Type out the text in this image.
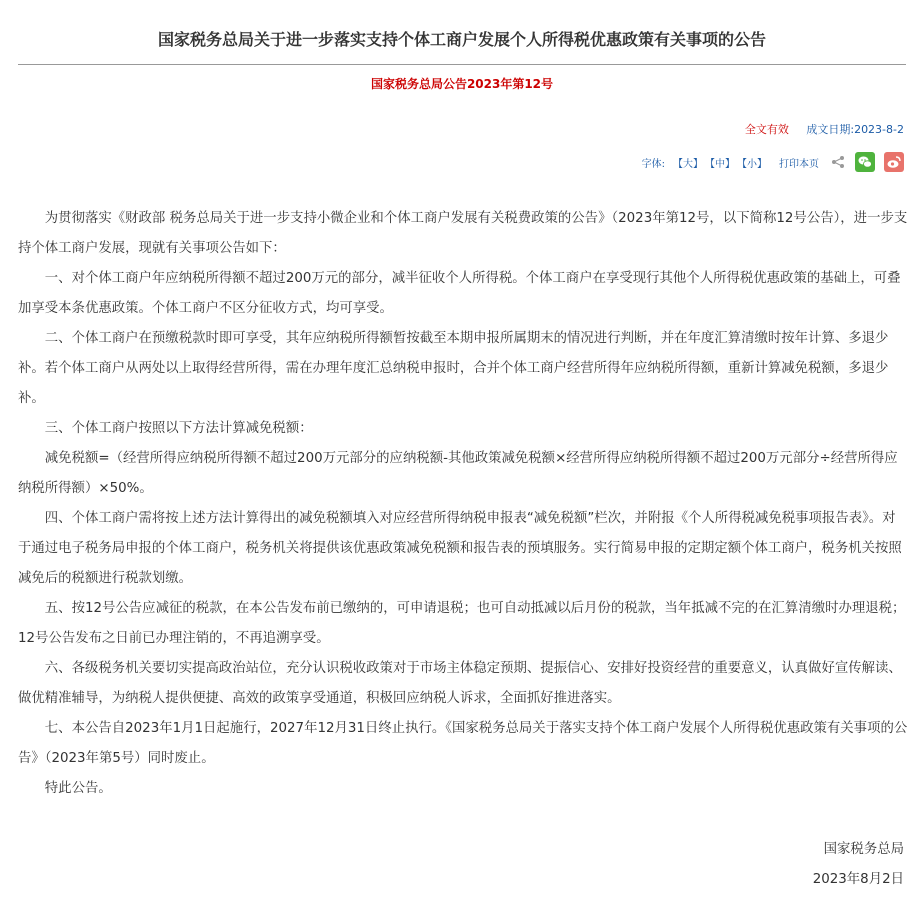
国家税务总局关于进一步落实支持个体工商户发展个人所得税优惠政策有关事项的公告
国家税务总局公告2023年第12号
全文有效 成文日期:2023-8-2
字体: 【大】 【中】 【小】 打印本页

为贯彻落实《财政部 税务总局关于进一步支持小微企业和个体工商户发展有关税费政策的公告》（2023年第12号，以下简称12号公告），进一步支持个体工商户发展，现就有关事项公告如下：

一、对个体工商户年应纳税所得额不超过200万元的部分，减半征收个人所得税。个体工商户在享受现行其他个人所得税优惠政策的基础上，可叠加享受本条优惠政策。个体工商户不区分征收方式，均可享受。

二、个体工商户在预缴税款时即可享受，其年应纳税所得额暂按截至本期申报所属期末的情况进行判断，并在年度汇算清缴时按年计算、多退少补。若个体工商户从两处以上取得经营所得，需在办理年度汇总纳税申报时，合并个体工商户经营所得年应纳税所得额，重新计算减免税额，多退少补。

三、个体工商户按照以下方法计算减免税额：

减免税额=（经营所得应纳税所得额不超过200万元部分的应纳税额-其他政策减免税额×经营所得应纳税所得额不超过200万元部分÷经营所得应纳税所得额）×50%。

四、个体工商户需将按上述方法计算得出的减免税额填入对应经营所得纳税申报表“减免税额”栏次，并附报《个人所得税减免税事项报告表》。对于通过电子税务局申报的个体工商户，税务机关将提供该优惠政策减免税额和报告表的预填服务。实行简易申报的定期定额个体工商户，税务机关按照减免后的税额进行税款划缴。

五、按12号公告应减征的税款，在本公告发布前已缴纳的，可申请退税；也可自动抵减以后月份的税款，当年抵减不完的在汇算清缴时办理退税；12号公告发布之日前已办理注销的，不再追溯享受。

六、各级税务机关要切实提高政治站位，充分认识税收政策对于市场主体稳定预期、提振信心、安排好投资经营的重要意义，认真做好宣传解读、做优精准辅导，为纳税人提供便捷、高效的政策享受通道，积极回应纳税人诉求，全面抓好推进落实。

七、本公告自2023年1月1日起施行，2027年12月31日终止执行。《国家税务总局关于落实支持个体工商户发展个人所得税优惠政策有关事项的公告》（2023年第5号）同时废止。

特此公告。

国家税务总局
2023年8月2日
